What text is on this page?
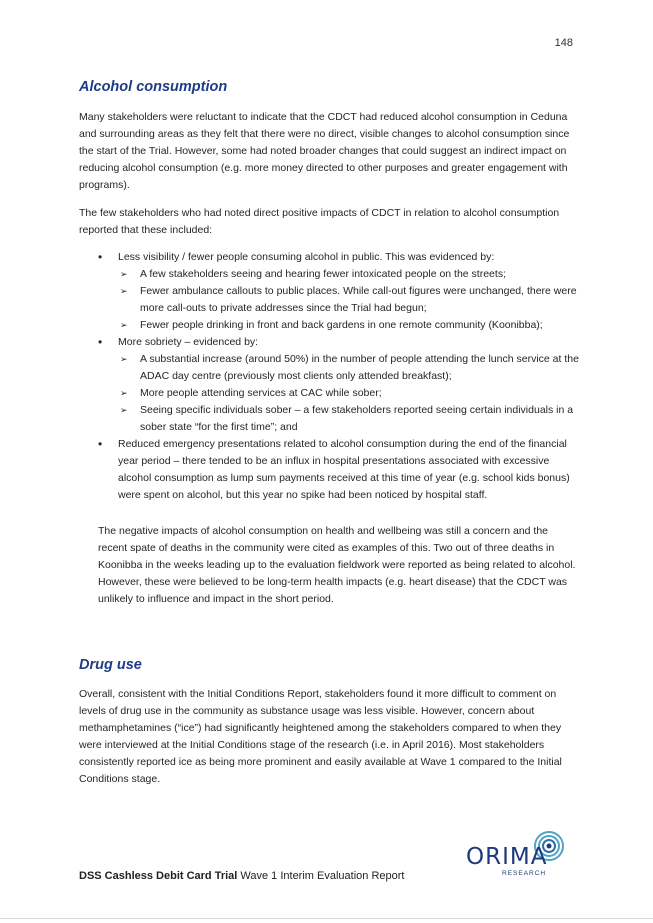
148
Alcohol consumption

Many stakeholders were reluctant to indicate that the CDCT had reduced alcohol consumption in Ceduna and surrounding areas as they felt that there were no direct, visible changes to alcohol consumption since the start of the Trial. However, some had noted broader changes that could suggest an indirect impact on reducing alcohol consumption (e.g. more money directed to other purposes and greater engagement with programs).

The few stakeholders who had noted direct positive impacts of CDCT in relation to alcohol consumption reported that these included:

• Less visibility / fewer people consuming alcohol in public. This was evidenced by:
➢ A few stakeholders seeing and hearing fewer intoxicated people on the streets;
➢ Fewer ambulance callouts to public places. While call-out figures were unchanged, there were more call-outs to private addresses since the Trial had begun;
➢ Fewer people drinking in front and back gardens in one remote community (Koonibba);
• More sobriety – evidenced by:
➢ A substantial increase (around 50%) in the number of people attending the lunch service at the ADAC day centre (previously most clients only attended breakfast);
➢ More people attending services at CAC while sober;
➢ Seeing specific individuals sober – a few stakeholders reported seeing certain individuals in a sober state “for the first time”; and
• Reduced emergency presentations related to alcohol consumption during the end of the financial year period – there tended to be an influx in hospital presentations associated with excessive alcohol consumption as lump sum payments received at this time of year (e.g. school kids bonus) were spent on alcohol, but this year no spike had been noticed by hospital staff.

The negative impacts of alcohol consumption on health and wellbeing was still a concern and the recent spate of deaths in the community were cited as examples of this. Two out of three deaths in Koonibba in the weeks leading up to the evaluation fieldwork were reported as being related to alcohol. However, these were believed to be long-term health impacts (e.g. heart disease) that the CDCT was unlikely to influence and impact in the short period.

Drug use

Overall, consistent with the Initial Conditions Report, stakeholders found it more difficult to comment on levels of drug use in the community as substance usage was less visible. However, concern about methamphetamines (“ice”) had significantly heightened among the stakeholders compared to when they were interviewed at the Initial Conditions stage of the research (i.e. in April 2016). Most stakeholders consistently reported ice as being more prominent and easily available at Wave 1 compared to the Initial Conditions stage.

ORIMA
RESEARCH
DSS Cashless Debit Card Trial Wave 1 Interim Evaluation Report
